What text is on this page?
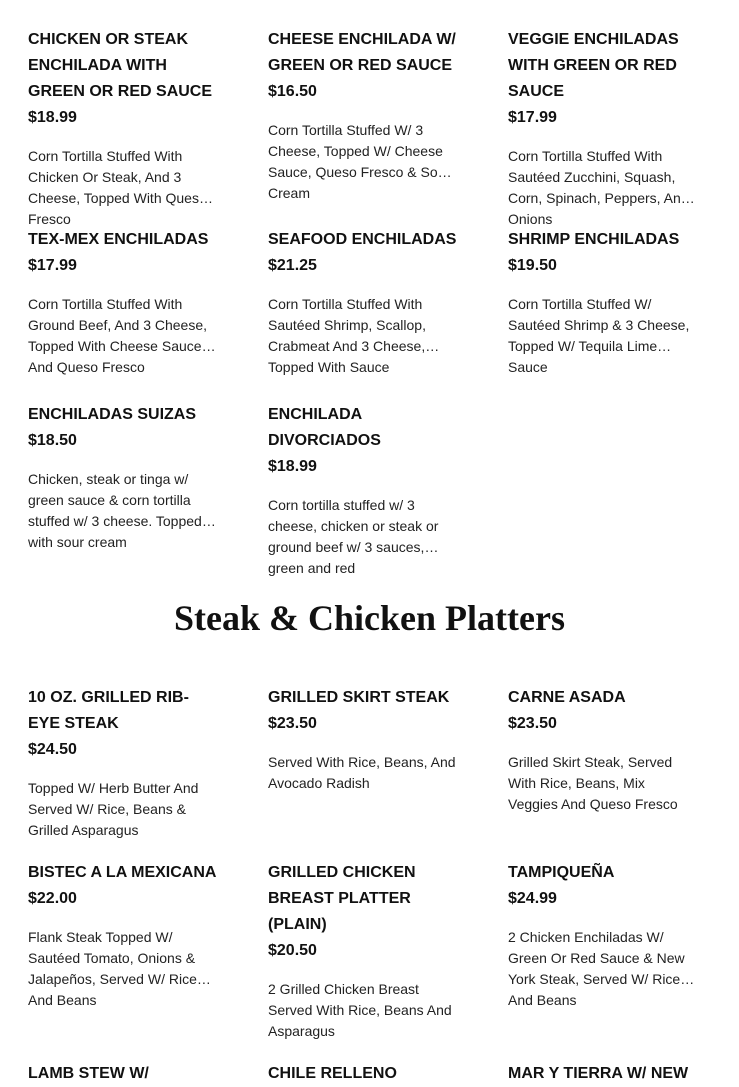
CHICKEN OR STEAK ENCHILADA WITH GREEN OR RED SAUCE
$18.99
Corn Tortilla Stuffed With Chicken Or Steak, And 3 Cheese, Topped With Queso Fresco
CHEESE ENCHILADA W/ GREEN OR RED SAUCE
$16.50
Corn Tortilla Stuffed W/ 3 Cheese, Topped W/ Cheese Sauce, Queso Fresco & Sour Cream
VEGGIE ENCHILADAS WITH GREEN OR RED SAUCE
$17.99
Corn Tortilla Stuffed With Sautéed Zucchini, Squash, Corn, Spinach, Peppers, And Onions
TEX-MEX ENCHILADAS
$17.99
Corn Tortilla Stuffed With Ground Beef, And 3 Cheese, Topped With Cheese Sauce And Queso Fresco
SEAFOOD ENCHILADAS
$21.25
Corn Tortilla Stuffed With Sautéed Shrimp, Scallop, Crabmeat And 3 Cheese, Topped With Sauce
SHRIMP ENCHILADAS
$19.50
Corn Tortilla Stuffed W/ Sautéed Shrimp & 3 Cheese, Topped W/ Tequila Lime Sauce
ENCHILADAS SUIZAS
$18.50
Chicken, steak or tinga w/ green sauce & corn tortilla stuffed w/ 3 cheese. Topped with sour cream
ENCHILADA DIVORCIADOS
$18.99
Corn tortilla stuffed w/ 3 cheese, chicken or steak or ground beef w/ 3 sauces, green and red
Steak & Chicken Platters
10 OZ. GRILLED RIB-EYE STEAK
$24.50
Topped W/ Herb Butter And Served W/ Rice, Beans & Grilled Asparagus
GRILLED SKIRT STEAK
$23.50
Served With Rice, Beans, And Avocado Radish
CARNE ASADA
$23.50
Grilled Skirt Steak, Served With Rice, Beans, Mix Veggies And Queso Fresco
BISTEC A LA MEXICANA
$22.00
Flank Steak Topped W/ Sautéed Tomato, Onions & Jalapeños, Served W/ Rice And Beans
GRILLED CHICKEN BREAST PLATTER (PLAIN)
$20.50
2 Grilled Chicken Breast Served With Rice, Beans And Asparagus
TAMPIQUEÑA
$24.99
2 Chicken Enchiladas W/ Green Or Red Sauce & New York Steak, Served W/ Rice And Beans
LAMB STEW W/	CHILE RELLENO	MAR Y TIERRA W/ NEW
